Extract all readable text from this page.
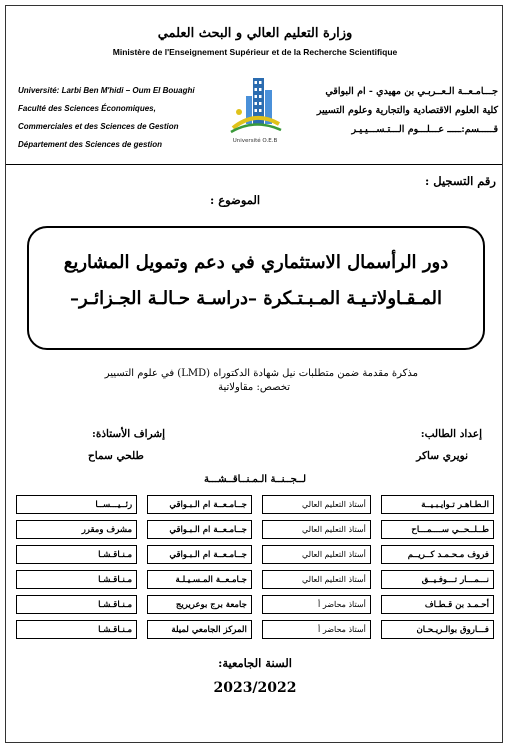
وزارة التعليم العالي و البحث العلمي
Ministère de l'Enseignement Supérieur et de la Recherche Scientifique
Université: Larbi Ben M'hidi – Oum El Bouaghi
Faculté des Sciences Économiques,
Commerciales et des Sciences de Gestion
Département des Sciences de gestion
جـــامـعــة الـعــربـي بن مهيدي - ام البواقي
كلية العلوم الاقتصادية والتجارية وعلوم التسيير
قـــــسم:ـــــ عـــلـــوم الـــتـســـيـيـر
Université O.E.B
رقم التسجيل :
الموضوع :
دور الرأسمال الاستثماري في دعم وتمويل المشاريع
المـقـاولاتـيـة المـبـتـكرة –دراسـة حـالـة الجـزائـر–
مذكرة مقدمة ضمن متطلبات نيل شهادة الدكتوراه (LMD) في علوم التسيير
تخصص: مقاولاتية
إعداد الطالب:
نويري ساكر
إشراف الأستاذة:
طلحي سماح
لــجــنــة الـمـنــاقــشـــة
رئــيـــســا		جــامـعــة ام الـبـواقي		أستاذ التعليم العالي		الـطـاهـر تـوايـبـيــة
مشرف ومقرر		جــامـعــة ام الـبـواقي		أستاذ التعليم العالي		طــلــحــي ســــمـــاح
مـنـاقـشـا		جــامـعــة ام الـبـواقي		أستاذ التعليم العالي		فروف مـحـمـد كــريــم
مـنـاقـشـا		جـامـعــة المـسـيـلـة		أستاذ التعليم العالي		نـــمـــار تـــوفـيــق
مـنـاقـشـا		جامعة برج بوعريريج		أستاذ محاضر أ		أحـمـد بن قـطـاف
مـنـاقـشـا		المركز الجامعي لميلة		أستاذ محاضر أ		فـــاروق بوالـريـحـان
السنة الجامعية:
2023/2022
